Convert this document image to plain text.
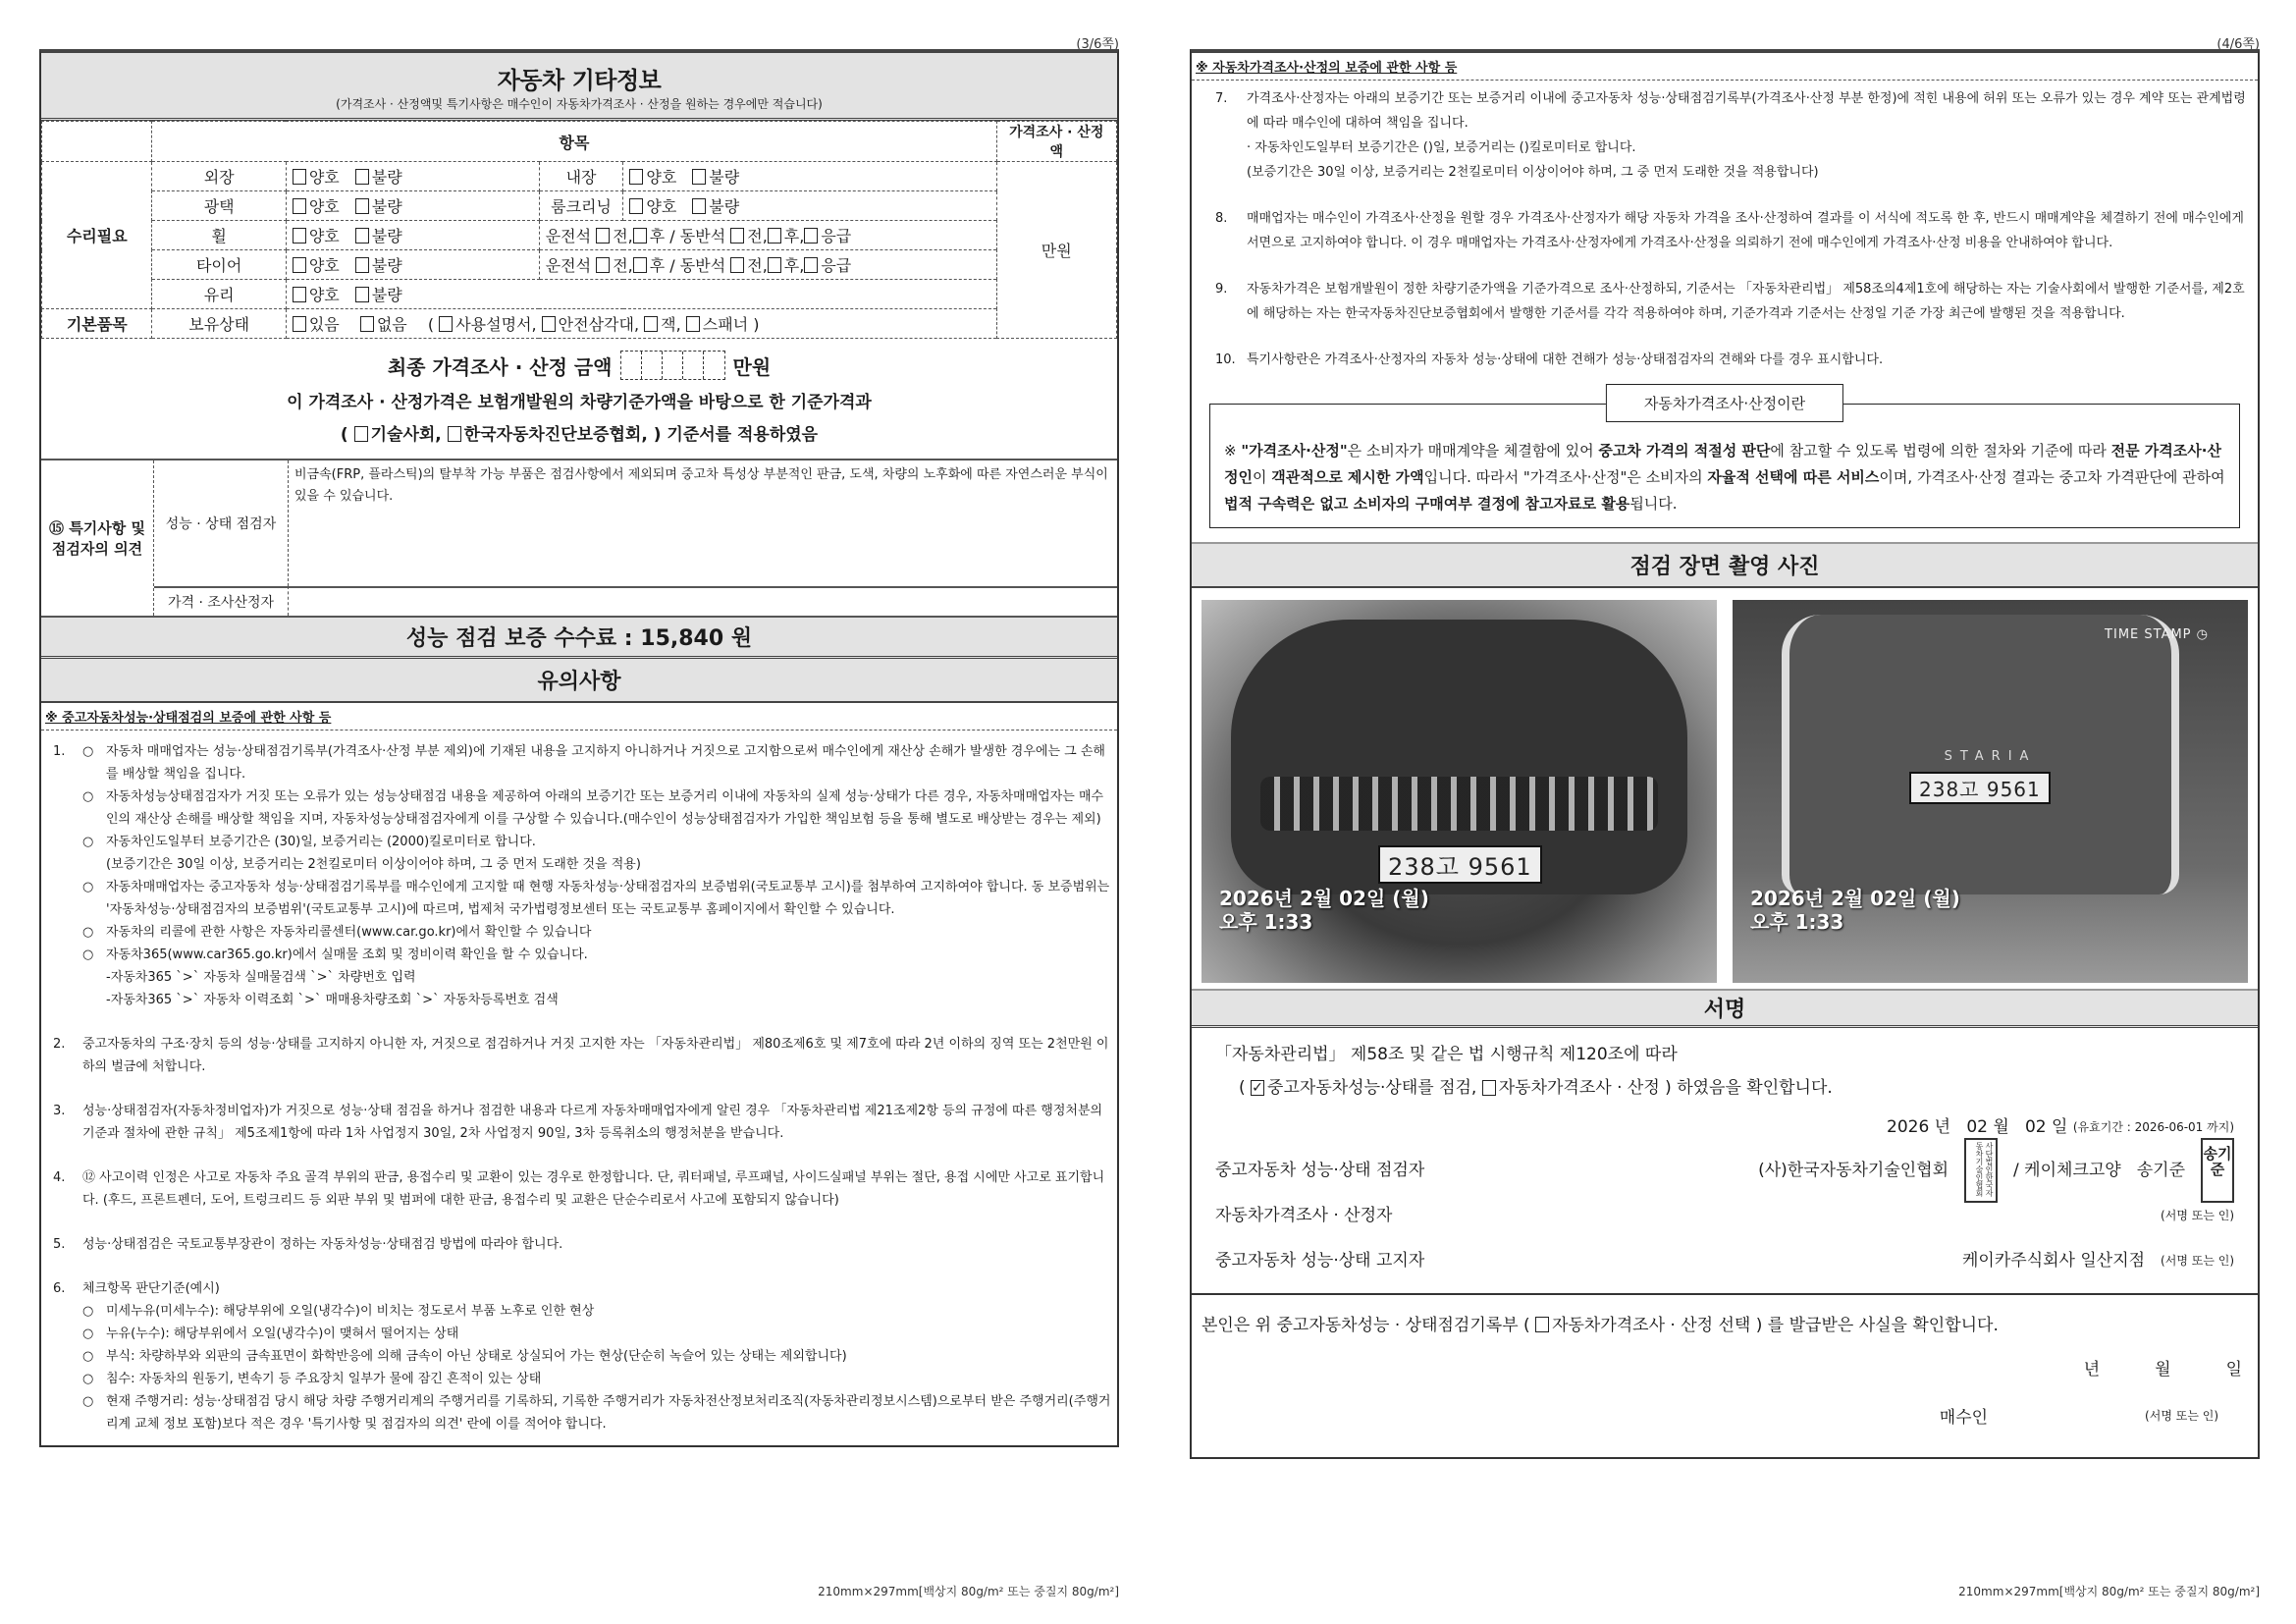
(3/6쪽)
자동차 기타정보
(가격조사 · 산정액및 특기사항은 매수인이 자동차가격조사 · 산정을 원하는 경우에만 적습니다)
	항목				가격조사 · 산정액
수리필요	외장	양호 불량	내장	양호 불량	만원
	광택	양호 불량	룸크리닝	양호 불량	
	휠	양호 불량	운전석 전, 후 / 동반석 전, 후, 응급		
	타이어	양호 불량	운전석 전, 후 / 동반석 전, 후, 응급		
	유리	양호 불량			
기본품목	보유상태	있음 없음 ( 사용설명서, 안전삼각대, 잭, 스패너 )			
최종 가격조사 · 산정 금액	만원
이 가격조사 · 산정가격은 보험개발원의 차량기준가액을 바탕으로 한 기준가격과
( 기술사회, 한국자동차진단보증협회, ) 기준서를 적용하였음
⑮ 특기사항 및
점검자의 의견
성능 · 상태 점검자
비금속(FRP, 플라스틱)의 탈부착 가능 부품은 점검사항에서 제외되며 중고차 특성상 부분적인 판금, 도색, 차량의 노후화에 따른 자연스러운 부식이 있을 수 있습니다.
가격 · 조사산정자
성능 점검 보증 수수료 : 15,840 원
유의사항
※ 중고자동차성능·상태점검의 보증에 관한 사항 등
1.	○ 자동차 매매업자는 성능·상태점검기록부(가격조사·산정 부분 제외)에 기재된 내용을 고지하지 아니하거나 거짓으로 고지함으로써 매수인에게 재산상 손해가 발생한 경우에는 그 손해를 배상할 책임을 집니다.
○ 자동차성능상태점검자가 거짓 또는 오류가 있는 성능상태점검 내용을 제공하여 아래의 보증기간 또는 보증거리 이내에 자동차의 실제 성능·상태가 다른 경우, 자동차매매업자는 매수인의 재산상 손해를 배상할 책임을 지며, 자동차성능상태점검자에게 이를 구상할 수 있습니다.(매수인이 성능상태점검자가 가입한 책임보험 등을 통해 별도로 배상받는 경우는 제외)
○ 자동차인도일부터 보증기간은 (30)일, 보증거리는 (2000)킬로미터로 합니다.
(보증기간은 30일 이상, 보증거리는 2천킬로미터 이상이어야 하며, 그 중 먼저 도래한 것을 적용)
○ 자동차매매업자는 중고자동차 성능·상태점검기록부를 매수인에게 고지할 때 현행 자동차성능·상태점검자의 보증범위(국토교통부 고시)를 첨부하여 고지하여야 합니다. 동 보증범위는 '자동차성능·상태점검자의 보증범위'(국토교통부 고시)에 따르며, 법제처 국가법령정보센터 또는 국토교통부 홈페이지에서 확인할 수 있습니다.
○ 자동차의 리콜에 관한 사항은 자동차리콜센터(www.car.go.kr)에서 확인할 수 있습니다
○ 자동차365(www.car365.go.kr)에서 실매물 조회 및 정비이력 확인을 할 수 있습니다.
-자동차365 `>` 자동차 실매물검색 `>` 차량번호 입력
-자동차365 `>` 자동차 이력조회 `>` 매매용차량조회 `>` 자동차등록번호 검색
2.	중고자동차의 구조·장치 등의 성능·상태를 고지하지 아니한 자, 거짓으로 점검하거나 거짓 고지한 자는 「자동차관리법」 제80조제6호 및 제7호에 따라 2년 이하의 징역 또는 2천만원 이하의 벌금에 처합니다.
3.	성능·상태점검자(자동차정비업자)가 거짓으로 성능·상태 점검을 하거나 점검한 내용과 다르게 자동차매매업자에게 알린 경우 「자동차관리법 제21조제2항 등의 규정에 따른 행정처분의 기준과 절차에 관한 규칙」 제5조제1항에 따라 1차 사업정지 30일, 2차 사업정지 90일, 3차 등록취소의 행정처분을 받습니다.
4.	⑫ 사고이력 인정은 사고로 자동차 주요 골격 부위의 판금, 용접수리 및 교환이 있는 경우로 한정합니다. 단, 쿼터패널, 루프패널, 사이드실패널 부위는 절단, 용접 시에만 사고로 표기합니다. (후드, 프론트펜더, 도어, 트렁크리드 등 외판 부위 및 범퍼에 대한 판금, 용접수리 및 교환은 단순수리로서 사고에 포함되지 않습니다)
5.	성능·상태점검은 국토교통부장관이 정하는 자동차성능·상태점검 방법에 따라야 합니다.
6.	체크항목 판단기준(예시)
○ 미세누유(미세누수): 해당부위에 오일(냉각수)이 비치는 정도로서 부품 노후로 인한 현상
○ 누유(누수): 해당부위에서 오일(냉각수)이 맺혀서 떨어지는 상태
○ 부식: 차량하부와 외판의 금속표면이 화학반응에 의해 금속이 아닌 상태로 상실되어 가는 현상(단순히 녹슬어 있는 상태는 제외합니다)
○ 침수: 자동차의 원동기, 변속기 등 주요장치 일부가 물에 잠긴 흔적이 있는 상태
○ 현재 주행거리: 성능·상태점검 당시 해당 차량 주행거리계의 주행거리를 기록하되, 기록한 주행거리가 자동차전산정보처리조직(자동차관리정보시스템)으로부터 받은 주행거리(주행거리계 교체 정보 포함)보다 적은 경우 '특기사항 및 점검자의 의견' 란에 이를 적어야 합니다.
210mm×297mm[백상지 80g/m² 또는 중질지 80g/m²]
(4/6쪽)
※ 자동차가격조사·산정의 보증에 관한 사항 등
7.	가격조사·산정자는 아래의 보증기간 또는 보증거리 이내에 중고자동차 성능·상태점검기록부(가격조사·산정 부분 한정)에 적힌 내용에 허위 또는 오류가 있는 경우 계약 또는 관계법령에 따라 매수인에 대하여 책임을 집니다.
· 자동차인도일부터 보증기간은 ()일, 보증거리는 ()킬로미터로 합니다.
(보증기간은 30일 이상, 보증거리는 2천킬로미터 이상이어야 하며, 그 중 먼저 도래한 것을 적용합니다)
8.	매매업자는 매수인이 가격조사·산정을 원할 경우 가격조사·산정자가 해당 자동차 가격을 조사·산정하여 결과를 이 서식에 적도록 한 후, 반드시 매매계약을 체결하기 전에 매수인에게 서면으로 고지하여야 합니다. 이 경우 매매업자는 가격조사·산정자에게 가격조사·산정을 의뢰하기 전에 매수인에게 가격조사·산정 비용을 안내하여야 합니다.
9.	자동차가격은 보험개발원이 정한 차량기준가액을 기준가격으로 조사·산정하되, 기준서는 「자동차관리법」 제58조의4제1호에 해당하는 자는 기술사회에서 발행한 기준서를, 제2호에 해당하는 자는 한국자동차진단보증협회에서 발행한 기준서를 각각 적용하여야 하며, 기준가격과 기준서는 산정일 기준 가장 최근에 발행된 것을 적용합니다.
10. 특기사항란은 가격조사·산정자의 자동차 성능·상태에 대한 견해가 성능·상태점검자의 견해와 다를 경우 표시합니다.
자동차가격조사·산정이란
※ "가격조사·산정"은 소비자가 매매계약을 체결함에 있어 중고차 가격의 적절성 판단에 참고할 수 있도록 법령에 의한 절차와 기준에 따라 전문 가격조사·산정인이 객관적으로 제시한 가액입니다. 따라서 "가격조사·산정"은 소비자의 자율적 선택에 따른 서비스이며, 가격조사·산정 결과는 중고차 가격판단에 관하여 법적 구속력은 없고 소비자의 구매여부 결정에 참고자료로 활용됩니다.
점검 장면 촬영 사진
238고 9561
2026년 2월 02일 (월)
오후 1:33
STARIA
238고 9561
TIME STAMP ◷
2026년 2월 02일 (월)
오후 1:33
서명
「자동차관리법」 제58조 및 같은 법 시행규칙 제120조에 따라
(
✓ 중고자동차성능·상태를 점검,
자동차가격조사 · 산정
) 하였음을 확인합니다.
2026 년   02 월   02 일
(유효기간 : 2026-06-01 까지)
중고자동차 성능·상태 점검자	(사)한국자동차기술인협회	사단법인한국자동차기술인협회	/ 케이체크고양 송기준
송기준
자동차가격조사 · 산정자	(서명 또는 인)
중고자동차 성능·상태 고지자	케이카주식회사 일산지점 (서명 또는 인)
본인은 위 중고자동차성능 · 상태점검기록부 ( 자동차가격조사 · 산정 선택 ) 를 발급받은 사실을 확인합니다.
년	월	일
매수인	(서명 또는 인)
210mm×297mm[백상지 80g/m² 또는 중질지 80g/m²]
